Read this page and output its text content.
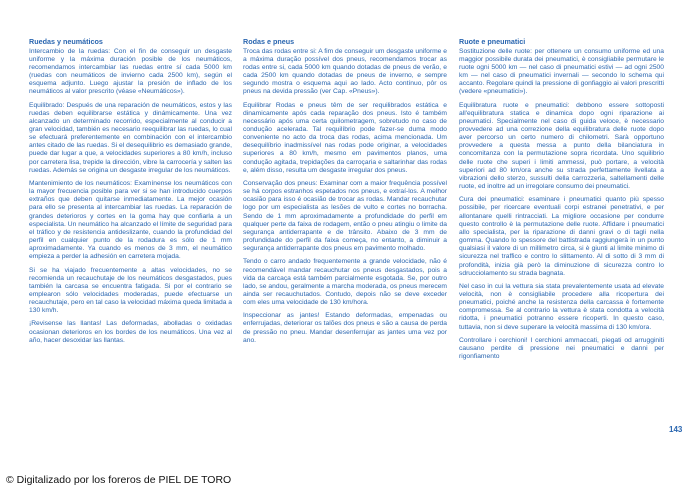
Ruedas y neumáticos

Intercambio de la ruedas: Con el fin de conseguir un desgaste uniforme y la máxima duración posible de los neumáticos, recomendamos intercambiar las ruedas entre sí cada 5000 km (ruedas con neumáticos de invierno cada 2500 km), según el esquema adjunto. Luego ajustar la presión de inflado de los neumáticos al valor prescrito (véase «Neumáticos»).

Equilibrado: Después de una reparación de neumáticos, estos y las ruedas deben equilibrarse estática y dinámicamente. Una vez alcanzado un determinado recorrido, especialmente al conducir a gran velocidad, también es necesario reequilibrar las ruedas, lo cual se efectuará preferentemente en combinación con el intercambio antes citado de las ruedas. Si el desequilibrio es demasiado grande, puede dar lugar a que, a velocidades superiores a 80 km/h, incluso por carretera lisa, trepide la dirección, vibre la carrocería y salten las ruedas. Además se origina un desgaste irregular de los neumáticos.

Mantenimiento de los neumáticos: Examínense los neumáticos con la mayor frecuencia posible para ver si se han introducido cuerpos extraños que deben quitarse inmediatamente. La mejor ocasión para ello se presenta al intercambiar las ruedas. La reparación de grandes deterioros y cortes en la goma hay que confiarla a un especialista. Un neumático ha alcanzado el límite de seguridad para el tráfico y de resistencia antideslizante, cuando la profundidad del perfil en cualquier punto de la rodadura es sólo de 1 mm aproximadamente. Ya cuando es menos de 3 mm, el neumático empieza a perder la adhesión en carretera mojada.

Si se ha viajado frecuentemente a altas velocidades, no se recomienda un recauchutaje de los neumáticos desgastados, pues también la carcasa se encuentra fatigada. Si por el contrario se emplearon sólo velocidades moderadas, puede efectuarse un recauchutaje, pero en tal caso la velocidad máxima queda limitada a 130 km/h.

¡Revisense las llantas! Las deformadas, abolladas o oxidadas ocasionan deterioros en los bordes de los neumáticos. Una vez al año, hacer desoxidar las llantas.

Rodas e pneus

Troca das rodas entre si: A fim de conseguir um desgaste uniforme e a máxima duração possível dos pneus, recomendamos trocar as rodas entre si, cada 5000 km quando dotadas de pneus de verão, e cada 2500 km quando dotadas de pneus de inverno, e sempre segundo mostra o esquema aqui ao lado. Acto contínuo, pôr os pneus na devida pressão (ver Cap. «Pneus»).

Equilibrar Rodas e pneus têm de ser requilibrados estática e dinamicamente após cada reparação dos pneus. Isto é também necessário após uma certa quilometragem, sobretudo no caso de condução acelerada. Tal requilíbrio pode fazer-se duma modo conveniente no acto da troca das rodas, acima mencionada. Um desequilíbrio inadmissível nas rodas pode originar, a velocidades superiores a 80 km/h, mesmo em pavimentos planos, uma condução agitada, trepidações da carroçaria e saltarinhar das rodas e, além disso, resulta um desgaste irregular dos pneus.

Conservação dos pneus: Examinar com a maior frequência possível se há corpos estranhos espetados nos pneus, e extraí-los. A melhor ocasião para isso é ocasião de trocar as rodas. Mandar recauchutar logo por um especialista as lesões de vulto e cortes no borracha. Sendo de 1 mm aproximadamente a profundidade do perfil em qualquer perte da faixa de rodagem, então o pneu atingiu o limite da segurança antiderrapante e de trânsito. Abaixo de 3 mm de profundidade do perfil da faixa começa, no entanto, a diminuir a segurança antiderrapante dos pneus em pavimento molhado.

Tendo o carro andado frequentemente a grande velocidade, não é recomendável mandar recauchutar os pneus desgastados, pois a vida da carcaça está também parcialmente esgotada. Se, por outro lado, se andou, geralmente a marcha moderada, os pneus merecem ainda ser recauchutados. Contudo, depois não se deve exceder com eles uma velocidade de 130 km/hora.

Inspeccionar as jantes! Estando deformadas, empenadas ou enferrujadas, deteriorar os talões dos pneus e são a causa de perda de pressão no pneu. Mandar desenferrujar as jantes uma vez por ano.

Ruote e pneumatici

Sostituzione delle ruote: per ottenere un consumo uniforme ed una maggior possibile durata dei pneumatici, è consigliabile permutare le ruote ogni 5000 km — nel caso di pneumatici estivi — ad ogni 2500 km — nel caso di pneumatici invernali — secondo lo schema qui accanto. Regolare quindi la pressione di gonfiaggio ai valori prescritti (vedere «pneumatici»).

Equilibratura ruote e pneumatici: debbono essere sottoposti all'equilibratura statica e dinamica dopo ogni riparazione ai pneumatici. Specialmente nel caso di guida veloce, è necessario provvedere ad una correzione della equilibratura delle ruote dopo aver percorso un certo numero di chilometri. Sarà opportuno provvedere a questa messa a punto della bilanciatura in concomitanza con la permutazione sopra ricordata. Uno squilibrio delle ruote che superi i limiti ammessi, può portare, a velocità superiori ad 80 km/ora anche su strada perfettamente livellata a vibrazioni dello sterzo, sussulti della carrozzeria, saltellamenti delle ruote, ed inoltre ad un irregolare consumo dei pneumatici.

Cura dei pneumatici: esaminare i pneumatici quanto più spesso possibile, per ricercare eventuali corpi estranei penetrativi, e per allontanare quelli rintracciati. La migliore occasione per condurre questo controllo è la permutazione delle ruote. Affidare i pneumatici allo specialista, per la riparazione di danni gravi o di tagli nella gomma. Quando lo spessore del battistrada raggiungerà in un punto qualsiasi il valore di un millimetro circa, si è giunti al limite minimo di sicurezza nel traffico e contro lo slittamento. Al di sotto di 3 mm di profondità, inizia già però la diminuzione di sicurezza contro lo sdrucciolamento su strada bagnata.

Nel caso in cui la vettura sia stata prevalentemente usata ad elevate velocità, non è consigliabile procedere alla ricopertura dei pneumatici, poiché anche la resistenza della carcassa è fortemente compromessa. Se al contrario la vettura è stata condotta a velocità ridotta, i pneumatici potranno essere ricoperti. In questo caso, tuttavia, non si deve superare la velocità massima di 130 km/ora.

Controllare i cerchioni! I cerchioni ammaccati, piegati od arrugginiti causano perdite di pressione nei pneumatici e danni per rigonfiamento

143
© Digitalizado por los foreros de PIEL DE TORO
